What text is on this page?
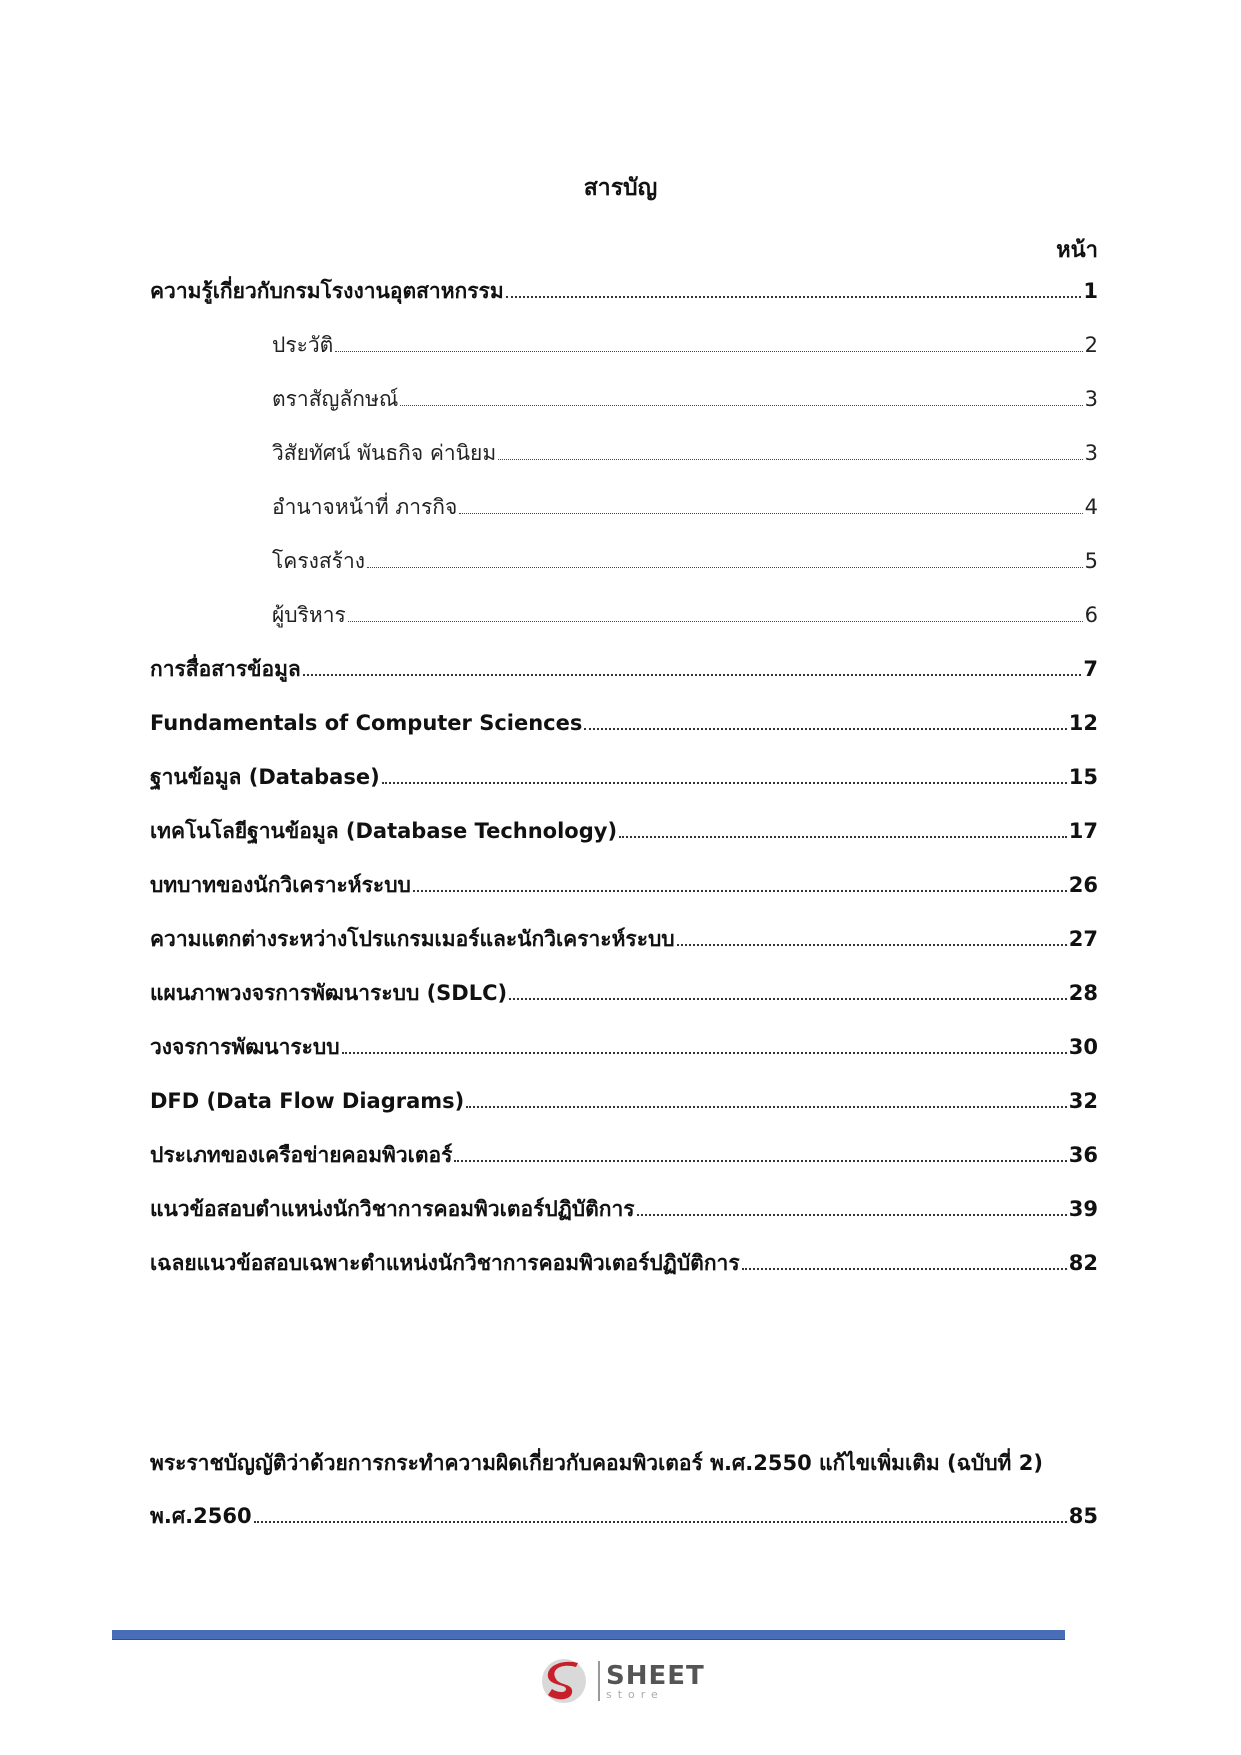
สารบัญ
หน้า
ความรู้เกี่ยวกับกรมโรงงานอุตสาหกรรม	1
ประวัติ	2
ตราสัญลักษณ์	3
วิสัยทัศน์ พันธกิจ ค่านิยม	3
อำนาจหน้าที่ ภารกิจ	4
โครงสร้าง	5
ผู้บริหาร	6
การสื่อสารข้อมูล	7
Fundamentals of Computer Sciences	12
ฐานข้อมูล (Database)	15
เทคโนโลยีฐานข้อมูล (Database Technology)	17
บทบาทของนักวิเคราะห์ระบบ	26
ความแตกต่างระหว่างโปรแกรมเมอร์และนักวิเคราะห์ระบบ	27
แผนภาพวงจรการพัฒนาระบบ (SDLC)	28
วงจรการพัฒนาระบบ	30
DFD (Data Flow Diagrams)	32
ประเภทของเครือข่ายคอมพิวเตอร์	36
แนวข้อสอบตำแหน่งนักวิชาการคอมพิวเตอร์ปฏิบัติการ	39
เฉลยแนวข้อสอบเฉพาะตำแหน่งนักวิชาการคอมพิวเตอร์ปฏิบัติการ	82
พระราชบัญญัติว่าด้วยการกระทำความผิดเกี่ยวกับคอมพิวเตอร์ พ.ศ.2550 แก้ไขเพิ่มเติม (ฉบับที่ 2)
พ.ศ.2560	85
SHEET
store
